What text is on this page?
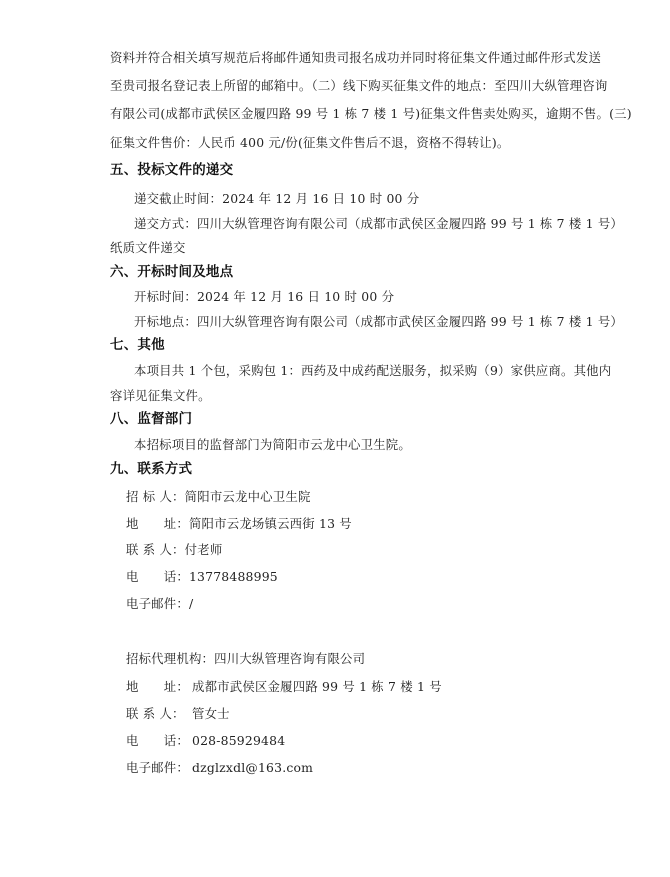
资料并符合相关填写规范后将邮件通知贵司报名成功并同时将征集文件通过邮件形式发送
至贵司报名登记表上所留的邮箱中。（二）线下购买征集文件的地点：至四川大纵管理咨询
有限公司(成都市武侯区金履四路 99 号 1 栋 7 楼 1 号)征集文件售卖处购买，逾期不售。(三)
征集文件售价：人民币 400 元/份(征集文件售后不退，资格不得转让)。
五、投标文件的递交
递交截止时间：2024 年 12 月 16 日 10 时 00 分
递交方式：四川大纵管理咨询有限公司（成都市武侯区金履四路 99 号 1 栋 7 楼 1 号）
纸质文件递交
六、开标时间及地点
开标时间：2024 年 12 月 16 日 10 时 00 分
开标地点：四川大纵管理咨询有限公司（成都市武侯区金履四路 99 号 1 栋 7 楼 1 号）
七、其他
本项目共 1 个包，采购包 1：西药及中成药配送服务，拟采购（9）家供应商。其他内
容详见征集文件。
八、监督部门
本招标项目的监督部门为简阳市云龙中心卫生院。
九、联系方式
招 标 人：简阳市云龙中心卫生院
地　　址：简阳市云龙场镇云西街 13 号
联 系 人：付老师
电　　话：13778488995
电子邮件：/
招标代理机构：四川大纵管理咨询有限公司
地　　址： 成都市武侯区金履四路 99 号 1 栋 7 楼 1 号
联 系 人： 管女士
电　　话： 028-85929484
电子邮件： dzglzxdl@163.com
